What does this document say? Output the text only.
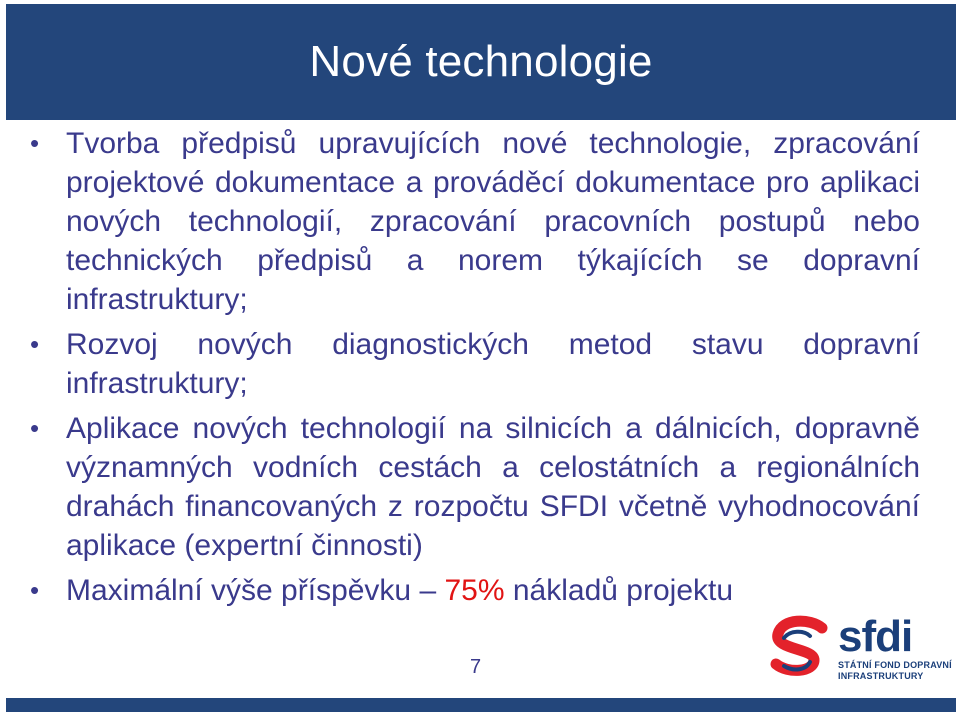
Nové technologie
• Tvorba předpisů upravujících nové technologie, zpracování projektové dokumentace a prováděcí dokumentace pro aplikaci nových technologií, zpracování pracovních postupů nebo technických předpisů a norem týkajících se dopravní infrastruktury;
• Rozvoj nových diagnostických metod stavu dopravní infrastruktury;
• Aplikace nových technologií na silnicích a dálnicích, dopravně významných vodních cestách a celostátních a regionálních drahách financovaných z rozpočtu SFDI včetně vyhodnocování aplikace (expertní činnosti)
• Maximální výše příspěvku – 75% nákladů projektu
7
sfdi
STÁTNÍ FOND DOPRAVNÍ
INFRASTRUKTURY
